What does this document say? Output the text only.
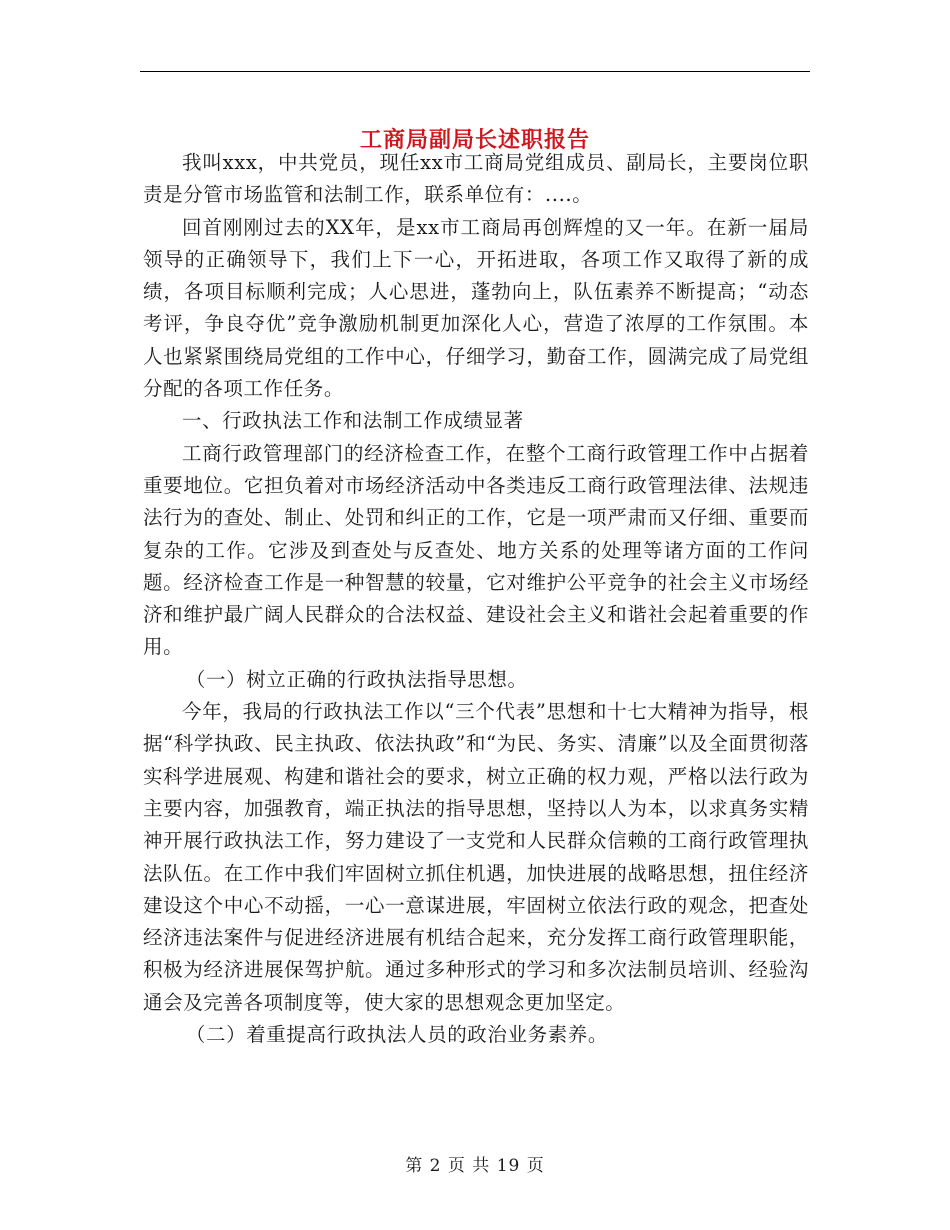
工商局副局长述职报告

我叫xxx，中共党员，现任xx市工商局党组成员、副局长，主要岗位职责是分管市场监管和法制工作，联系单位有：....。

回首刚刚过去的XX年，是xx市工商局再创辉煌的又一年。在新一届局领导的正确领导下，我们上下一心，开拓进取，各项工作又取得了新的成绩，各项目标顺利完成；人心思进，蓬勃向上，队伍素养不断提高；“动态考评，争良夺优”竞争激励机制更加深化人心，营造了浓厚的工作氛围。本人也紧紧围绕局党组的工作中心，仔细学习，勤奋工作，圆满完成了局党组分配的各项工作任务。

一、行政执法工作和法制工作成绩显著

工商行政管理部门的经济检查工作，在整个工商行政管理工作中占据着重要地位。它担负着对市场经济活动中各类违反工商行政管理法律、法规违法行为的查处、制止、处罚和纠正的工作，它是一项严肃而又仔细、重要而复杂的工作。它涉及到查处与反查处、地方关系的处理等诸方面的工作问题。经济检查工作是一种智慧的较量，它对维护公平竞争的社会主义市场经济和维护最广阔人民群众的合法权益、建设社会主义和谐社会起着重要的作用。

（一）树立正确的行政执法指导思想。

今年，我局的行政执法工作以“三个代表”思想和十七大精神为指导，根据“科学执政、民主执政、依法执政”和“为民、务实、清廉”以及全面贯彻落实科学进展观、构建和谐社会的要求，树立正确的权力观，严格以法行政为主要内容，加强教育，端正执法的指导思想，坚持以人为本，以求真务实精神开展行政执法工作，努力建设了一支党和人民群众信赖的工商行政管理执法队伍。在工作中我们牢固树立抓住机遇，加快进展的战略思想，扭住经济建设这个中心不动摇，一心一意谋进展，牢固树立依法行政的观念，把查处经济违法案件与促进经济进展有机结合起来，充分发挥工商行政管理职能，积极为经济进展保驾护航。通过多种形式的学习和多次法制员培训、经验沟通会及完善各项制度等，使大家的思想观念更加坚定。

（二）着重提高行政执法人员的政治业务素养。

第 2 页 共 19 页
